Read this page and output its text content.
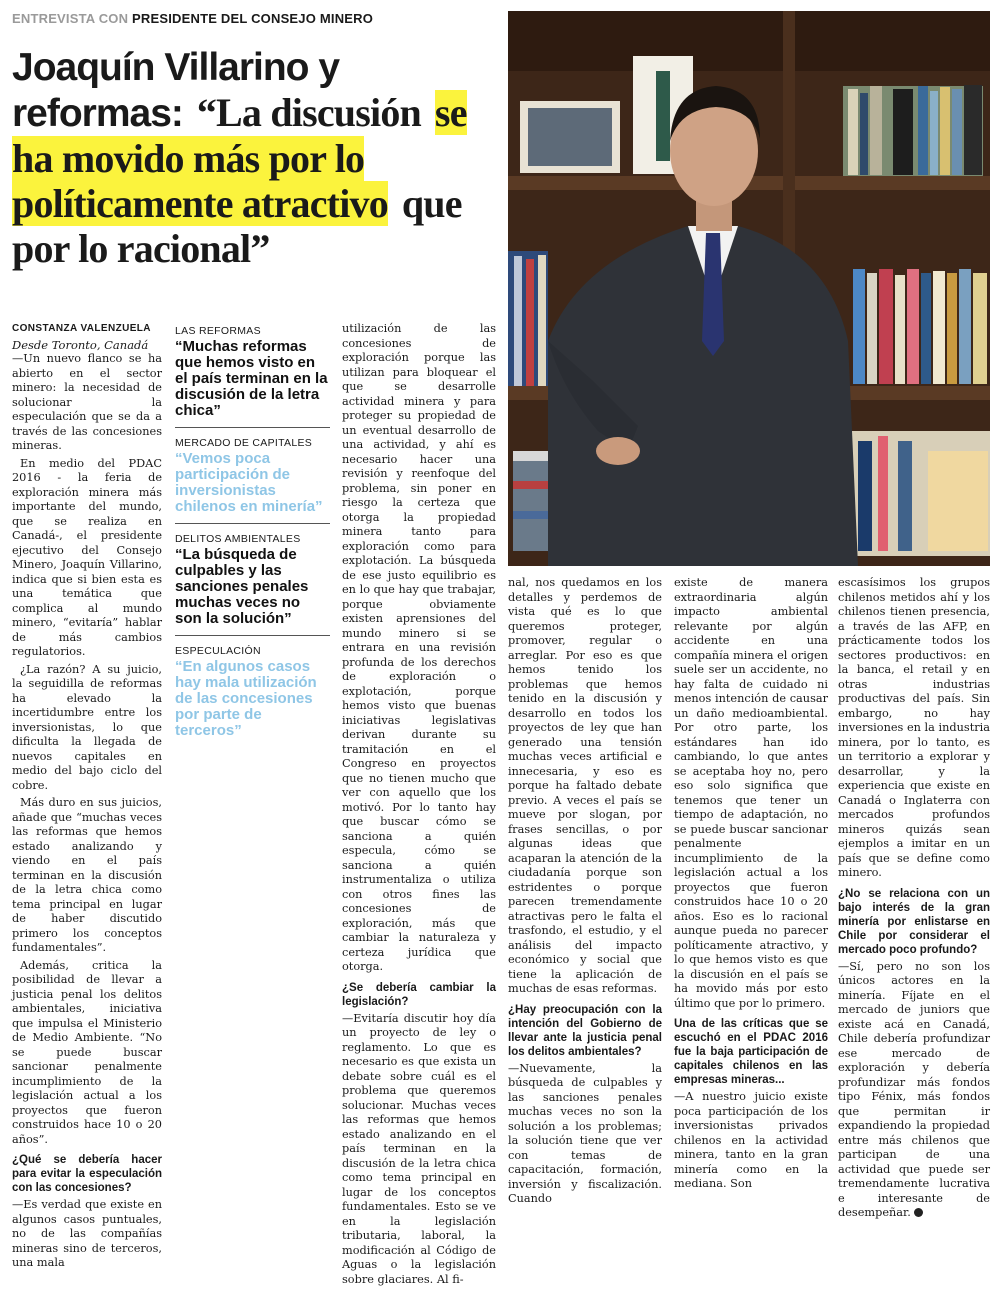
ENTREVISTA CON PRESIDENTE DEL CONSEJO MINERO
Joaquín Villarino y reformas: “La discusión se ha movido más por lo políticamente atractivo que por lo racional”
CONSTANZA VALENZUELA
Desde Toronto, Canadá

—Un nuevo flanco se ha abierto en el sector minero: la necesidad de solucionar la especulación que se da a través de las concesiones mineras.

En medio del PDAC 2016 - la feria de exploración minera más importante del mundo, que se realiza en Canadá-, el presidente ejecutivo del Consejo Minero, Joaquín Villarino, indica que si bien esta es una temática que complica al mundo minero, “evitaría” hablar de más cambios regulatorios.

¿La razón? A su juicio, la seguidilla de reformas ha elevado la incertidumbre entre los inversionistas, lo que dificulta la llegada de nuevos capitales en medio del bajo ciclo del cobre.

Más duro en sus juicios, añade que “muchas veces las reformas que hemos estado analizando y viendo en el país terminan en la discusión de la letra chica como tema principal en lugar de haber discutido primero los conceptos fundamentales”.

Además, critica la posibilidad de llevar a justicia penal los delitos ambientales, iniciativa que impulsa el Ministerio de Medio Ambiente. “No se puede buscar sancionar penalmente incumplimiento de la legislación actual a los proyectos que fueron construidos hace 10 o 20 años”.

¿Qué se debería hacer para evitar la especulación con las concesiones?

—Es verdad que existe en algunos casos puntuales, no de las compañías mineras sino de terceros, una mala

LAS REFORMAS
“Muchas reformas que hemos visto en el país terminan en la discusión de la letra chica”
MERCADO DE CAPITALES
“Vemos poca participación de inversionistas chilenos en minería”
DELITOS AMBIENTALES
“La búsqueda de culpables y las sanciones penales muchas veces no son la solución”
ESPECULACIÓN
“En algunos casos hay mala utilización de las concesiones por parte de terceros”

utilización de las concesiones de exploración porque las utilizan para bloquear el que se desarrolle actividad minera y para proteger su propiedad de un eventual desarrollo de una actividad, y ahí es necesario hacer una revisión y reenfoque del problema, sin poner en riesgo la certeza que otorga la propiedad minera tanto para exploración como para explotación. La búsqueda de ese justo equilibrio es en lo que hay que trabajar, porque obviamente existen aprensiones del mundo minero si se entrara en una revisión profunda de los derechos de exploración o explotación, porque hemos visto que buenas iniciativas legislativas derivan durante su tramitación en el Congreso en proyectos que no tienen mucho que ver con aquello que los motivó. Por lo tanto hay que buscar cómo se sanciona a quién especula, cómo se sanciona a quién instrumentaliza o utiliza con otros fines las concesiones de exploración, más que cambiar la naturaleza y certeza jurídica que otorga.

¿Se debería cambiar la legislación?

—Evitaría discutir hoy día un proyecto de ley o reglamento. Lo que es necesario es que exista un debate sobre cuál es el problema que queremos solucionar. Muchas veces las reformas que hemos estado analizando en el país terminan en la discusión de la letra chica como tema principal en lugar de los conceptos fundamentales. Esto se ve en la legislación tributaria, laboral, la modificación al Código de Aguas o la legislación sobre glaciares. Al fi-

nal, nos quedamos en los detalles y perdemos de vista qué es lo que queremos proteger, promover, regular o arreglar. Por eso es que hemos tenido los problemas que hemos tenido en la discusión y desarrollo en todos los proyectos de ley que han generado una tensión muchas veces artificial e innecesaria, y eso es porque ha faltado debate previo. A veces el país se mueve por slogan, por frases sencillas, o por algunas ideas que acaparan la atención de la ciudadanía porque son estridentes o porque parecen tremendamente atractivas pero le falta el trasfondo, el estudio, y el análisis del impacto económico y social que tiene la aplicación de muchas de esas reformas.

¿Hay preocupación con la intención del Gobierno de llevar ante la justicia penal los delitos ambientales?

—Nuevamente, la búsqueda de culpables y las sanciones penales muchas veces no son la solución a los problemas; la solución tiene que ver con temas de capacitación, formación, inversión y fiscalización. Cuando

existe de manera extraordinaria algún impacto ambiental relevante por algún accidente en una compañía minera el origen suele ser un accidente, no hay falta de cuidado ni menos intención de causar un daño medioambiental. Por otro parte, los estándares han ido cambiando, lo que antes se aceptaba hoy no, pero eso solo significa que tenemos que tener un tiempo de adaptación, no se puede buscar sancionar penalmente incumplimiento de la legislación actual a los proyectos que fueron construidos hace 10 o 20 años. Eso es lo racional aunque pueda no parecer políticamente atractivo, y lo que hemos visto es que la discusión en el país se ha movido más por esto último que por lo primero.

Una de las críticas que se escuchó en el PDAC 2016 fue la baja participación de capitales chilenos en las empresas mineras...

—A nuestro juicio existe poca participación de los inversionistas privados chilenos en la actividad minera, tanto en la gran minería como en la mediana. Son

escasísimos los grupos chilenos metidos ahí y los chilenos tienen presencia, a través de las AFP, en prácticamente todos los sectores productivos: en la banca, el retail y en otras industrias productivas del país. Sin embargo, no hay inversiones en la industria minera, por lo tanto, es un territorio a explorar y desarrollar, y la experiencia que existe en Canadá o Inglaterra con mercados profundos mineros quizás sean ejemplos a imitar en un país que se define como minero.

¿No se relaciona con un bajo interés de la gran minería por enlistarse en Chile por considerar el mercado poco profundo?

—Sí, pero no son los únicos actores en la minería. Fíjate en el mercado de juniors que existe acá en Canadá, Chile debería profundizar ese mercado de exploración y debería profundizar más fondos tipo Fénix, más fondos que permitan ir expandiendo la propiedad entre más chilenos que participan de una actividad que puede ser tremendamente lucrativa e interesante de desempeñar.
